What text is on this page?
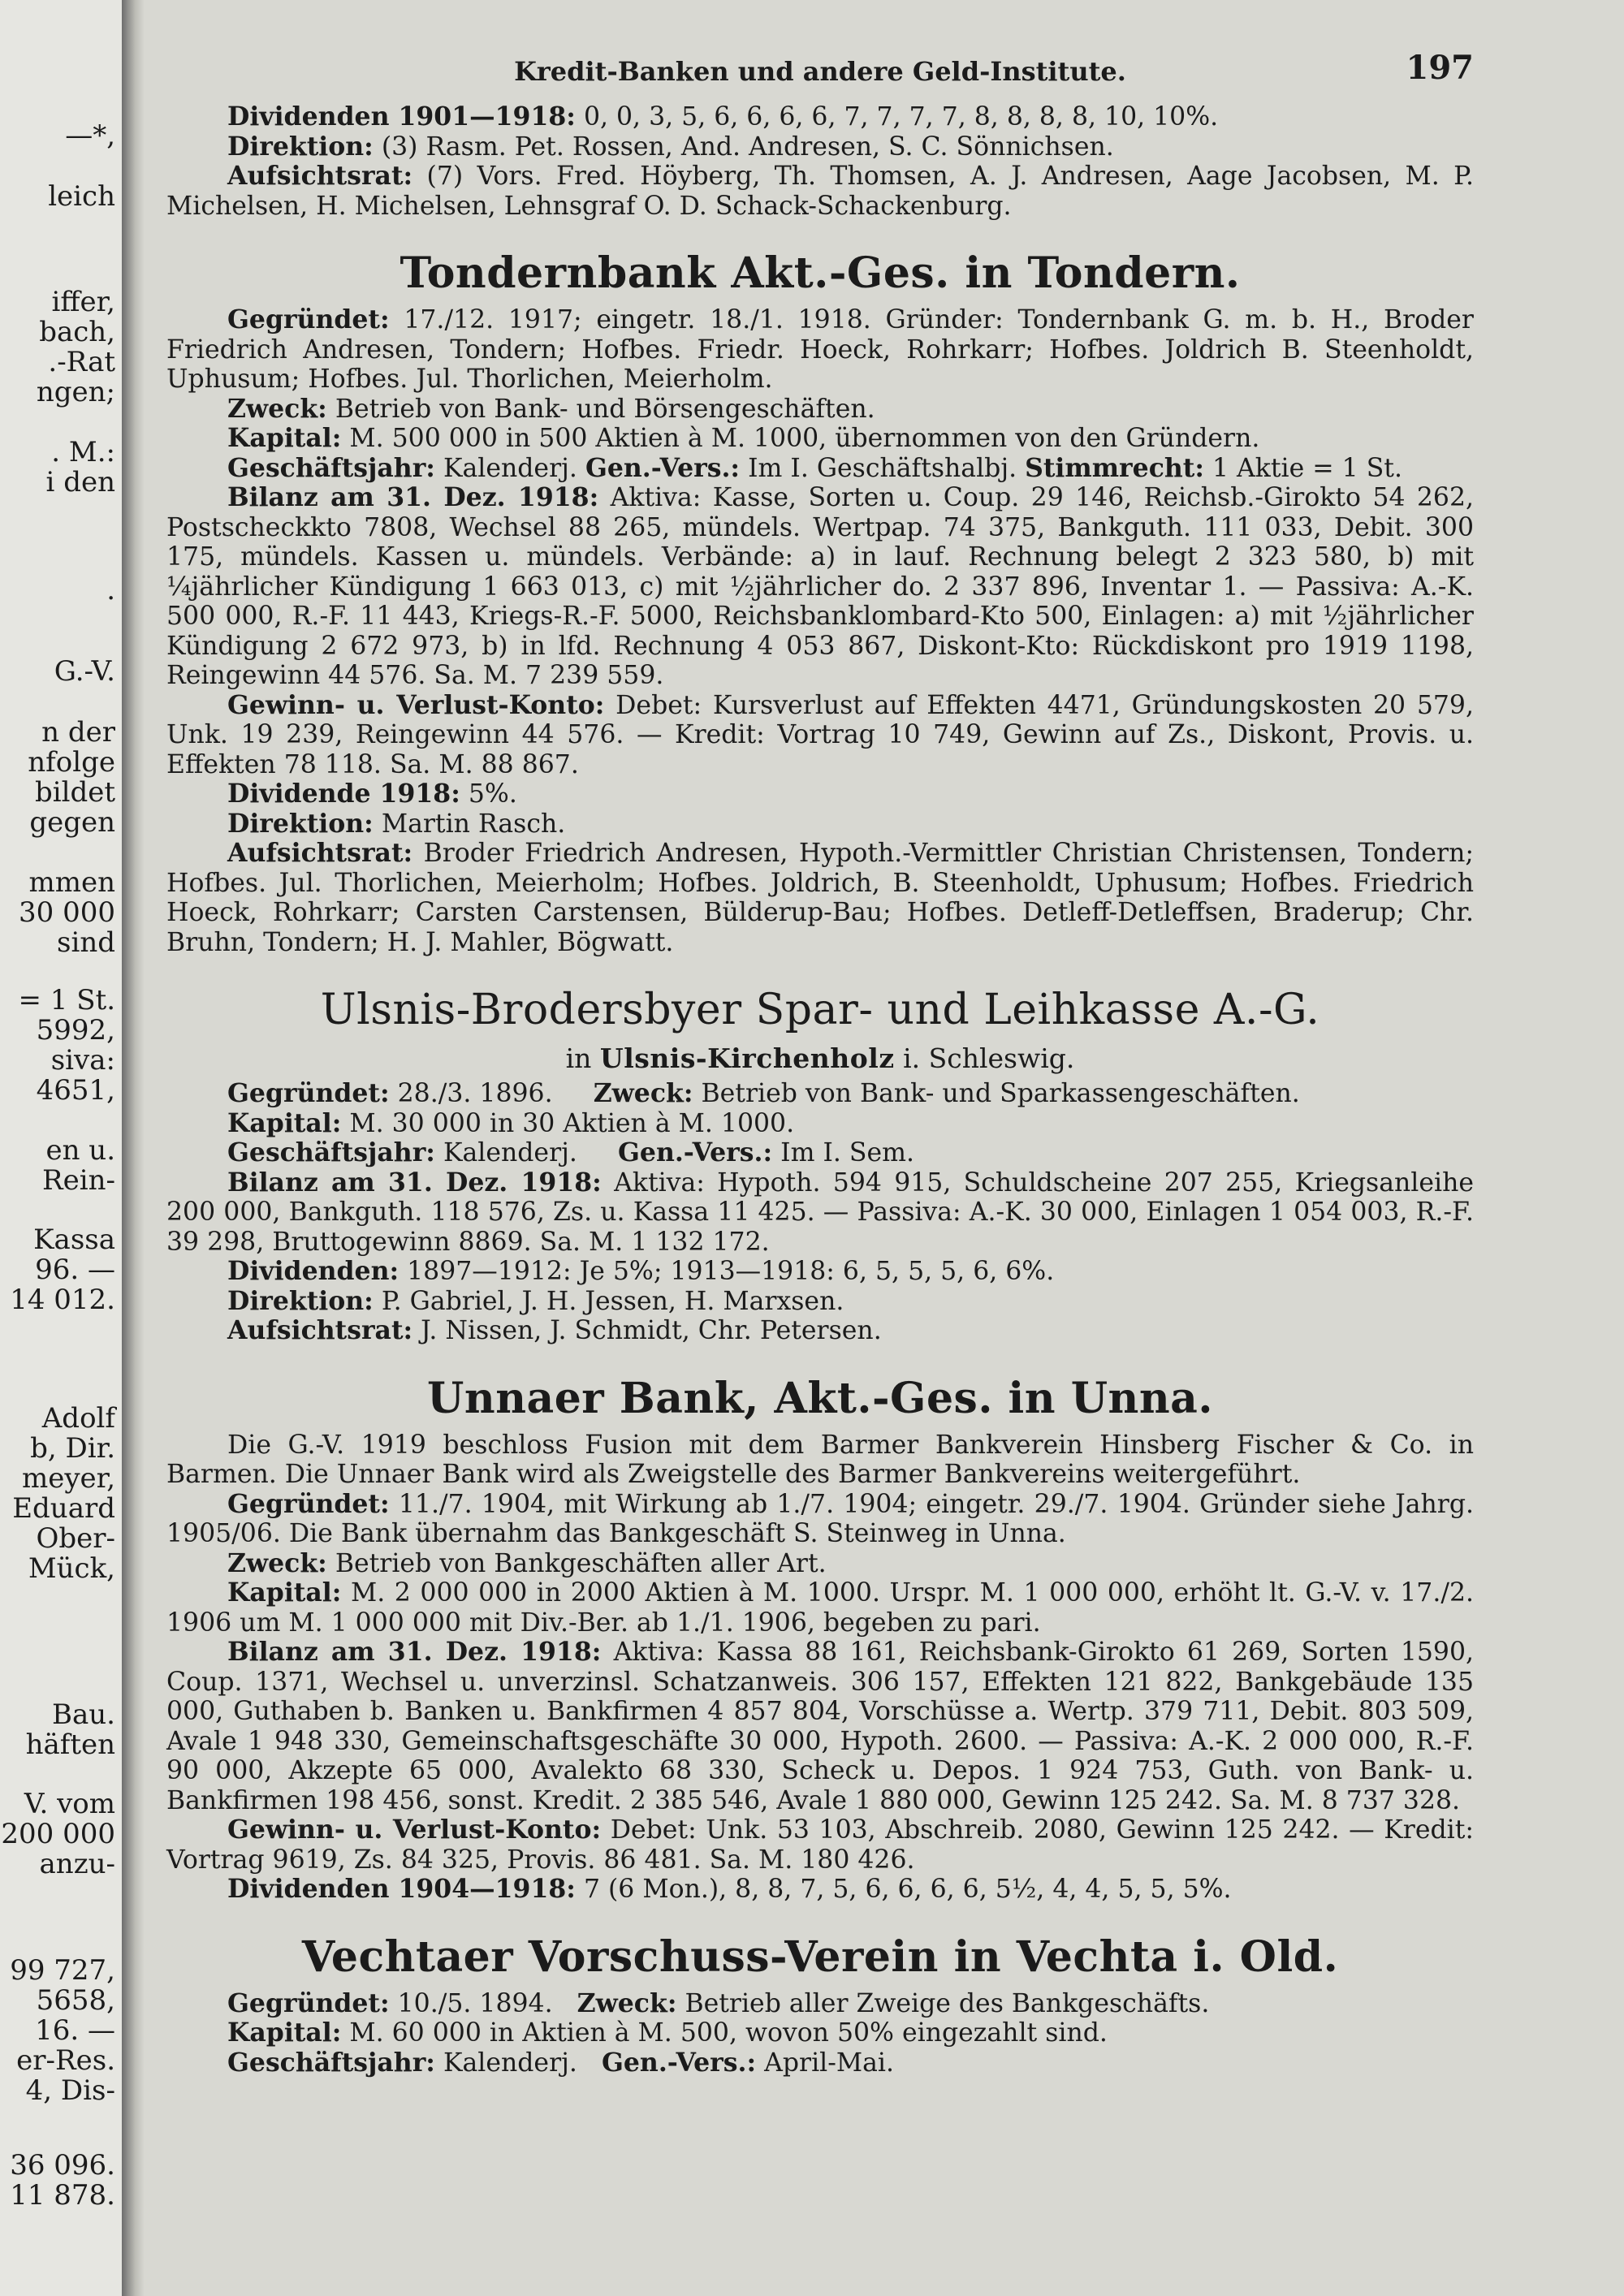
—*,
leich
iffer,
bach,
.-Rat
ngen;
. M.:
i den
.
G.-V.
n der
nfolge
bildet
gegen
mmen
30 000
sind
= 1 St.
5992,
siva:
4651,
en u.
Rein-
Kassa
96. —
14 012.
Adolf
b, Dir.
meyer,
Eduard
Ober-
Mück,
Bau.
häften
V. vom
200 000
anzu-
99 727,
5658,
16. —
er-Res.
4, Dis-
36 096.
11 878.
Kredit-Banken und andere Geld-Institute.	197

Dividenden 1901—1918: 0, 0, 3, 5, 6, 6, 6, 6, 7, 7, 7, 7, 8, 8, 8, 8, 10, 10%.

Direktion: (3) Rasm. Pet. Rossen, And. Andresen, S. C. Sönnichsen.

Aufsichtsrat: (7) Vors. Fred. Höyberg, Th. Thomsen, A. J. Andresen, Aage Jacobsen, M. P. Michelsen, H. Michelsen, Lehnsgraf O. D. Schack-Schackenburg.

Tondernbank Akt.-Ges. in Tondern.

Gegründet: 17./12. 1917; eingetr. 18./1. 1918. Gründer: Tondernbank G. m. b. H., Broder Friedrich Andresen, Tondern; Hofbes. Friedr. Hoeck, Rohrkarr; Hofbes. Joldrich B. Steenholdt, Uphusum; Hofbes. Jul. Thorlichen, Meierholm.

Zweck: Betrieb von Bank- und Börsengeschäften.

Kapital: M. 500 000 in 500 Aktien à M. 1000, übernommen von den Gründern.

Geschäftsjahr: Kalenderj. Gen.-Vers.: Im I. Geschäftshalbj. Stimmrecht: 1 Aktie = 1 St.

Bilanz am 31. Dez. 1918: Aktiva: Kasse, Sorten u. Coup. 29 146, Reichsb.-Girokto 54 262, Postscheckkto 7808, Wechsel 88 265, mündels. Wertpap. 74 375, Bankguth. 111 033, Debit. 300 175, mündels. Kassen u. mündels. Verbände: a) in lauf. Rechnung belegt 2 323 580, b) mit ¼jährlicher Kündigung 1 663 013, c) mit ½jährlicher do. 2 337 896, Inventar 1. — Passiva: A.-K. 500 000, R.-F. 11 443, Kriegs-R.-F. 5000, Reichsbanklombard-Kto 500, Einlagen: a) mit ½jährlicher Kündigung 2 672 973, b) in lfd. Rechnung 4 053 867, Diskont-Kto: Rückdiskont pro 1919 1198, Reingewinn 44 576. Sa. M. 7 239 559.

Gewinn- u. Verlust-Konto: Debet: Kursverlust auf Effekten 4471, Gründungskosten 20 579, Unk. 19 239, Reingewinn 44 576. — Kredit: Vortrag 10 749, Gewinn auf Zs., Diskont, Provis. u. Effekten 78 118. Sa. M. 88 867.

Dividende 1918: 5%.

Direktion: Martin Rasch.

Aufsichtsrat: Broder Friedrich Andresen, Hypoth.-Vermittler Christian Christensen, Tondern; Hofbes. Jul. Thorlichen, Meierholm; Hofbes. Joldrich, B. Steenholdt, Uphusum; Hofbes. Friedrich Hoeck, Rohrkarr; Carsten Carstensen, Bülderup-Bau; Hofbes. Detleff-Detleffsen, Braderup; Chr. Bruhn, Tondern; H. J. Mahler, Bögwatt.

Ulsnis-Brodersbyer Spar- und Leihkasse A.-G.
in Ulsnis-Kirchenholz i. Schleswig.

Gegründet: 28./3. 1896. Zweck: Betrieb von Bank- und Sparkassengeschäften.

Kapital: M. 30 000 in 30 Aktien à M. 1000.

Geschäftsjahr: Kalenderj. Gen.-Vers.: Im I. Sem.

Bilanz am 31. Dez. 1918: Aktiva: Hypoth. 594 915, Schuldscheine 207 255, Kriegsanleihe 200 000, Bankguth. 118 576, Zs. u. Kassa 11 425. — Passiva: A.-K. 30 000, Einlagen 1 054 003, R.-F. 39 298, Bruttogewinn 8869. Sa. M. 1 132 172.

Dividenden: 1897—1912: Je 5%; 1913—1918: 6, 5, 5, 5, 6, 6%.

Direktion: P. Gabriel, J. H. Jessen, H. Marxsen.

Aufsichtsrat: J. Nissen, J. Schmidt, Chr. Petersen.

Unnaer Bank, Akt.-Ges. in Unna.

Die G.-V. 1919 beschloss Fusion mit dem Barmer Bankverein Hinsberg Fischer & Co. in Barmen. Die Unnaer Bank wird als Zweigstelle des Barmer Bankvereins weitergeführt.

Gegründet: 11./7. 1904, mit Wirkung ab 1./7. 1904; eingetr. 29./7. 1904. Gründer siehe Jahrg. 1905/06. Die Bank übernahm das Bankgeschäft S. Steinweg in Unna.

Zweck: Betrieb von Bankgeschäften aller Art.

Kapital: M. 2 000 000 in 2000 Aktien à M. 1000. Urspr. M. 1 000 000, erhöht lt. G.-V. v. 17./2. 1906 um M. 1 000 000 mit Div.-Ber. ab 1./1. 1906, begeben zu pari.

Bilanz am 31. Dez. 1918: Aktiva: Kassa 88 161, Reichsbank-Girokto 61 269, Sorten 1590, Coup. 1371, Wechsel u. unverzinsl. Schatzanweis. 306 157, Effekten 121 822, Bankgebäude 135 000, Guthaben b. Banken u. Bankfirmen 4 857 804, Vorschüsse a. Wertp. 379 711, Debit. 803 509, Avale 1 948 330, Gemeinschaftsgeschäfte 30 000, Hypoth. 2600. — Passiva: A.-K. 2 000 000, R.-F. 90 000, Akzepte 65 000, Avalekto 68 330, Scheck u. Depos. 1 924 753, Guth. von Bank- u. Bankfirmen 198 456, sonst. Kredit. 2 385 546, Avale 1 880 000, Gewinn 125 242. Sa. M. 8 737 328.

Gewinn- u. Verlust-Konto: Debet: Unk. 53 103, Abschreib. 2080, Gewinn 125 242. — Kredit: Vortrag 9619, Zs. 84 325, Provis. 86 481. Sa. M. 180 426.

Dividenden 1904—1918: 7 (6 Mon.), 8, 8, 7, 5, 6, 6, 6, 6, 5½, 4, 4, 5, 5, 5%.

Vechtaer Vorschuss-Verein in Vechta i. Old.

Gegründet: 10./5. 1894. Zweck: Betrieb aller Zweige des Bankgeschäfts.

Kapital: M. 60 000 in Aktien à M. 500, wovon 50% eingezahlt sind.

Geschäftsjahr: Kalenderj. Gen.-Vers.: April-Mai.
